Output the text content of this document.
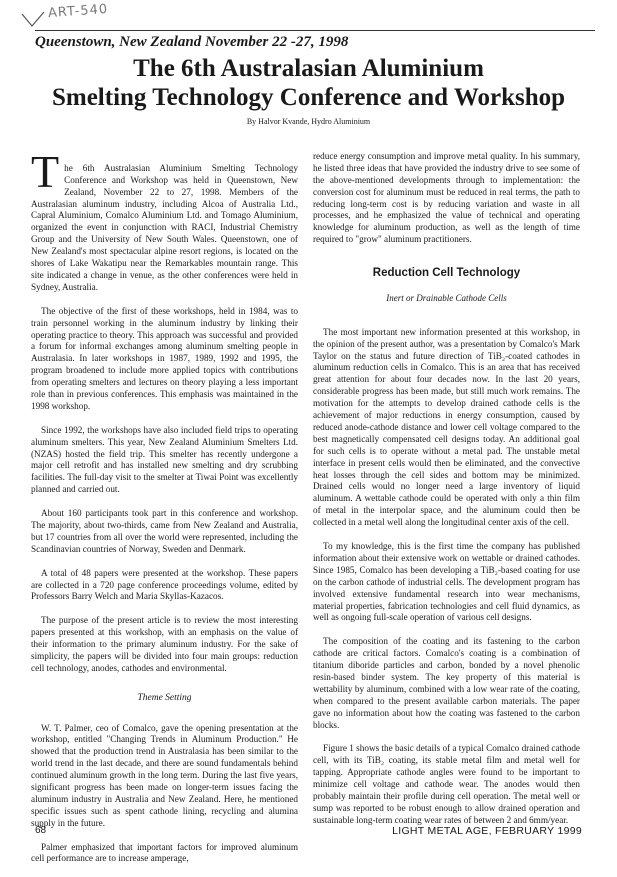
ART-540
Queenstown, New Zealand November 22 -27, 1998
The 6th Australasian Aluminium
Smelting Technology Conference and Workshop
By Halvor Kvande, Hydro Aluminium

T he 6th Australasian Aluminium Smelting Technology Conference and Workshop was held in Queenstown, New Zealand, November 22 to 27, 1998. Members of the Australasian aluminum industry, including Alcoa of Australia Ltd., Capral Aluminium, Comalco Aluminium Ltd. and Tomago Aluminium, organized the event in conjunction with RACI, Industrial Chemistry Group and the University of New South Wales. Queenstown, one of New Zealand's most spectacular alpine resort regions, is located on the shores of Lake Wakatipu near the Remarkables mountain range. This site indicated a change in venue, as the other conferences were held in Sydney, Australia.

The objective of the first of these workshops, held in 1984, was to train personnel working in the aluminum industry by linking their operating practice to theory. This approach was successful and provided a forum for informal exchanges among aluminum smelting people in Australasia. In later workshops in 1987, 1989, 1992 and 1995, the program broadened to include more applied topics with contributions from operating smelters and lectures on theory playing a less important role than in previous conferences. This emphasis was maintained in the 1998 workshop.

Since 1992, the workshops have also included field trips to operating aluminum smelters. This year, New Zealand Aluminium Smelters Ltd. (NZAS) hosted the field trip. This smelter has recently undergone a major cell retrofit and has installed new smelting and dry scrubbing facilities. The full-day visit to the smelter at Tiwai Point was excellently planned and carried out.

About 160 participants took part in this conference and workshop. The majority, about two-thirds, came from New Zealand and Australia, but 17 countries from all over the world were represented, including the Scandinavian countries of Norway, Sweden and Denmark.

A total of 48 papers were presented at the workshop. These papers are collected in a 720 page conference proceedings volume, edited by Professors Barry Welch and Maria Skyllas-Kazacos.

The purpose of the present article is to review the most interesting papers presented at this workshop, with an emphasis on the value of their information to the primary aluminum industry. For the sake of simplicity, the papers will be divided into four main groups: reduction cell technology, anodes, cathodes and environmental.

Theme Setting

W. T. Palmer, ceo of Comalco, gave the opening presentation at the workshop, entitled "Changing Trends in Aluminum Production." He showed that the production trend in Australasia has been similar to the world trend in the last decade, and there are sound fundamentals behind continued aluminum growth in the long term. During the last five years, significant progress has been made on longer-term issues facing the aluminum industry in Australia and New Zealand. Here, he mentioned specific issues such as spent cathode lining, recycling and alumina supply in the future.

Palmer emphasized that important factors for improved aluminum cell performance are to increase amperage,

reduce energy consumption and improve metal quality. In his summary, he listed three ideas that have provided the industry drive to see some of the above-mentioned developments through to implementation: the conversion cost for aluminum must be reduced in real terms, the path to reducing long-term cost is by reducing variation and waste in all processes, and he emphasized the value of technical and operating knowledge for aluminum production, as well as the length of time required to "grow" aluminum practitioners.

Reduction Cell Technology

Inert or Drainable Cathode Cells

The most important new information presented at this workshop, in the opinion of the present author, was a presentation by Comalco's Mark Taylor on the status and future direction of TiB₂-coated cathodes in aluminum reduction cells in Comalco. This is an area that has received great attention for about four decades now. In the last 20 years, considerable progress has been made, but still much work remains. The motivation for the attempts to develop drained cathode cells is the achievement of major reductions in energy consumption, caused by reduced anode-cathode distance and lower cell voltage compared to the best magnetically compensated cell designs today. An additional goal for such cells is to operate without a metal pad. The unstable metal interface in present cells would then be eliminated, and the convective heat losses through the cell sides and bottom may be minimized. Drained cells would no longer need a large inventory of liquid aluminum. A wettable cathode could be operated with only a thin film of metal in the interpolar space, and the aluminum could then be collected in a metal well along the longitudinal center axis of the cell.

To my knowledge, this is the first time the company has published information about their extensive work on wettable or drained cathodes. Since 1985, Comalco has been developing a TiB₂-based coating for use on the carbon cathode of industrial cells. The development program has involved extensive fundamental research into wear mechanisms, material properties, fabrication technologies and cell fluid dynamics, as well as ongoing full-scale operation of various cell designs.

The composition of the coating and its fastening to the carbon cathode are critical factors. Comalco's coating is a combination of titanium diboride particles and carbon, bonded by a novel phenolic resin-based binder system. The key property of this material is wettability by aluminum, combined with a low wear rate of the coating, when compared to the present available carbon materials. The paper gave no information about how the coating was fastened to the carbon blocks.

Figure 1 shows the basic details of a typical Comalco drained cathode cell, with its TiB₂ coating, its stable metal film and metal well for tapping. Appropriate cathode angles were found to be important to minimize cell voltage and cathode wear. The anodes would then probably maintain their profile during cell operation. The metal well or sump was reported to be robust enough to allow drained operation and sustainable long-term coating wear rates of between 2 and 6mm/year.

68	LIGHT METAL AGE, FEBRUARY 1999
